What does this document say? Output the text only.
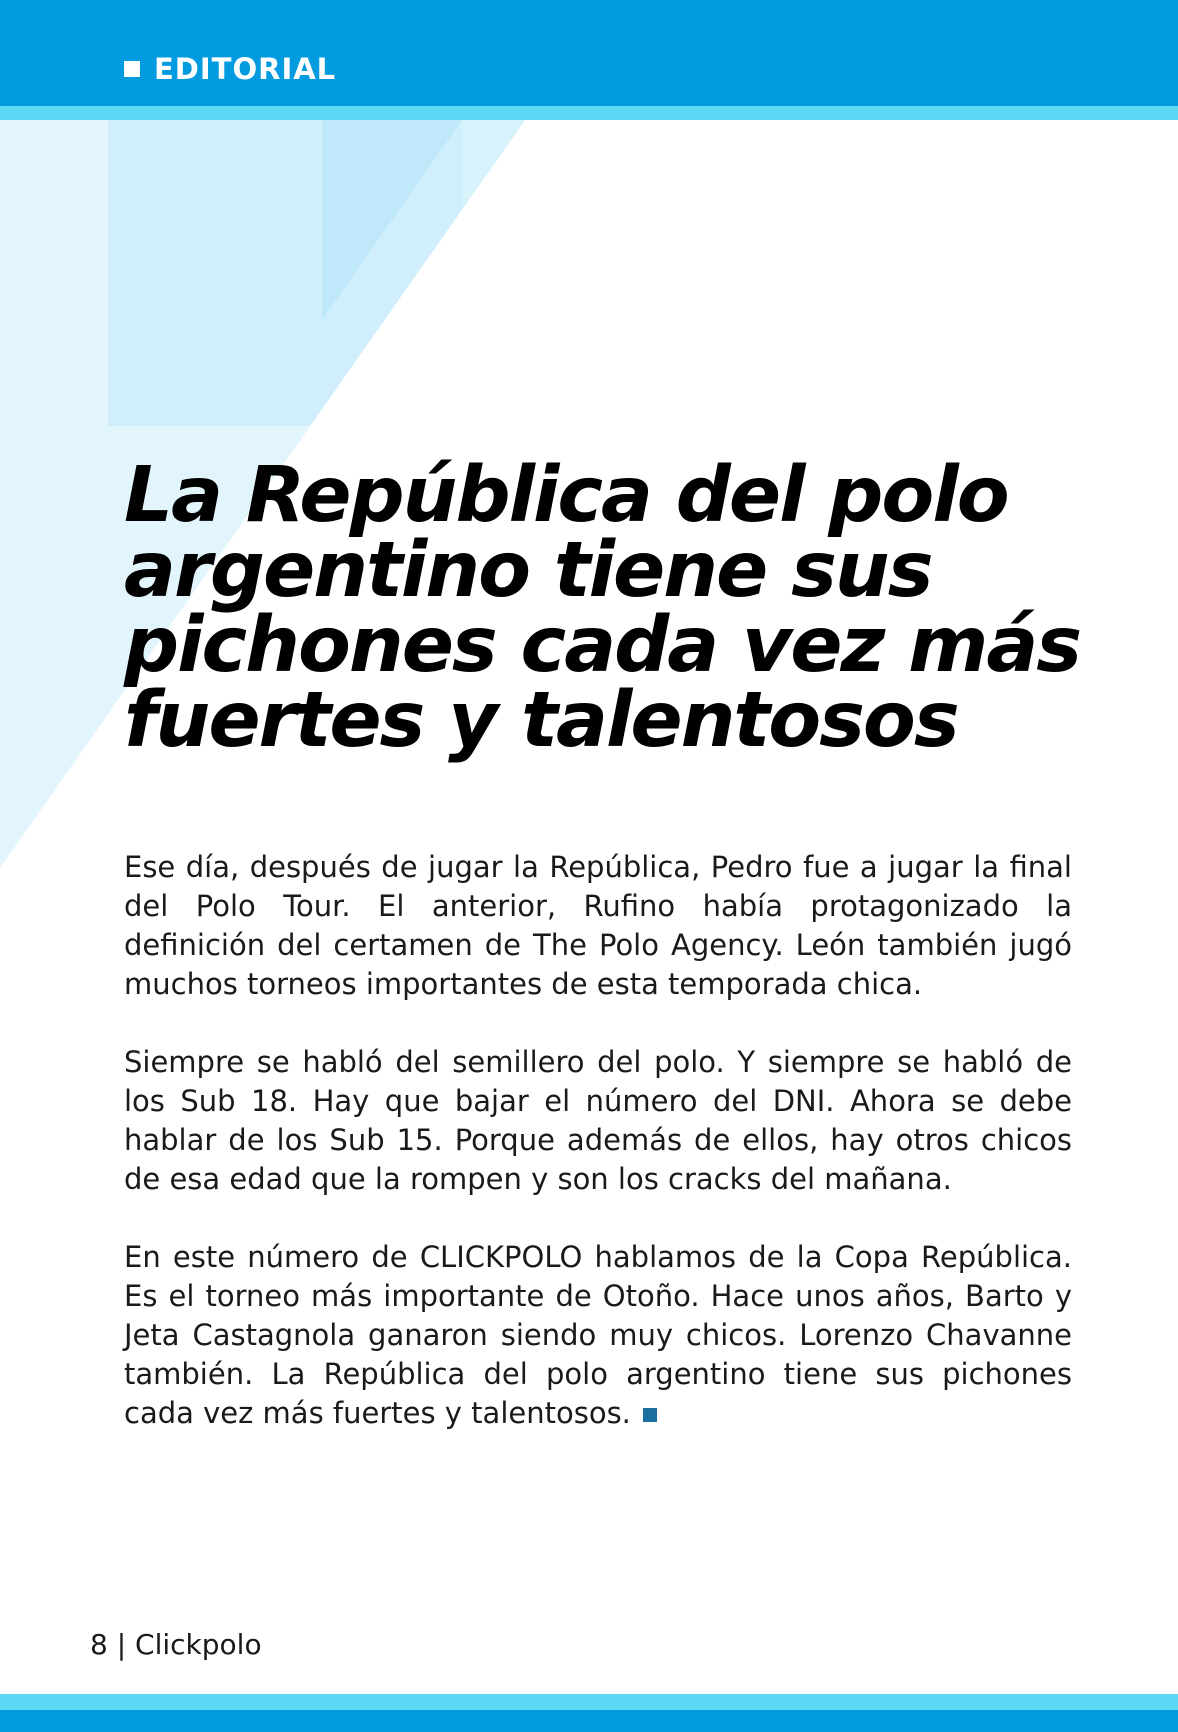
EDITORIAL
La República del polo
argentino tiene sus
pichones cada vez más
fuertes y talentosos

Ese día, después de jugar la República, Pedro fue a jugar la final del Polo Tour. El anterior, Rufino había protagonizado la definición del certamen de The Polo Agency. León también jugó muchos torneos importantes de esta temporada chica.

Siempre se habló del semillero del polo. Y siempre se habló de los Sub 18. Hay que bajar el número del DNI. Ahora se debe hablar de los Sub 15. Porque además de ellos, hay otros chicos de esa edad que la rompen y son los cracks del mañana.

En este número de CLICKPOLO hablamos de la Copa República. Es el torneo más importante de Otoño. Hace unos años, Barto y Jeta Castagnola ganaron siendo muy chicos. Lorenzo Chavanne también. La República del polo argentino tiene sus pichones cada vez más fuertes y talentosos.

8 | Clickpolo
